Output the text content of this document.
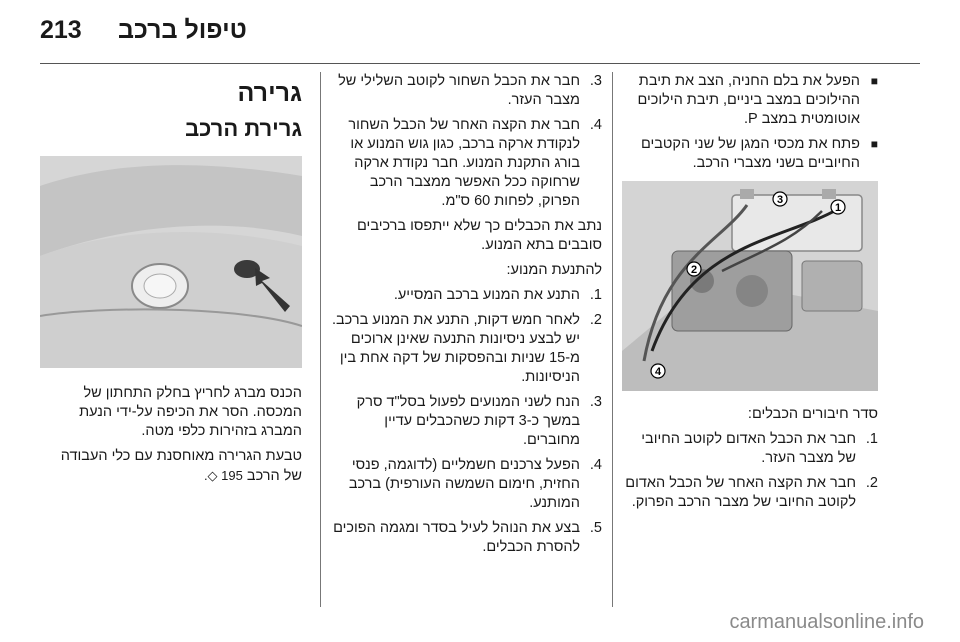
213 טיפול ברכב
■
הפעל את בלם החניה, הצב את תיבת ההילוכים במצב ביניים, תיבת הילוכים אוטומטית במצב P.
■
פתח את מכסי המגן של שני הקטבים החיוביים בשני מצברי הרכב.
1
2
3
4
סדר חיבורים הכבלים:
1.
חבר את הכבל האדום לקוטב החיובי של מצבר העזר.
2.
חבר את הקצה האחר של הכבל האדום לקוטב החיובי של מצבר הרכב הפרוק.
3.
חבר את הכבל השחור לקוטב השלילי של מצבר העזר.
4.
חבר את הקצה האחר של הכבל השחור לנקודת ארקה ברכב, כגון גוש המנוע או בורג התקנת המנוע. חבר נקודת ארקה שרחוקה ככל האפשר ממצבר הרכב הפרוק, לפחות 60 ס"מ.

נתב את הכבלים כך שלא ייתפסו ברכיבים סובבים בתא המנוע.

להתנעת המנוע:
1.
התנע את המנוע ברכב המסייע.
2.
לאחר חמש דקות, התנע את המנוע ברכב. יש לבצע ניסיונות התנעה שאינן ארוכים מ-15 שניות ובהפסקות של דקה אחת בין הניסיונות.
3.
הנח לשני המנועים לפעול בסל"ד סרק במשך כ-3 דקות כשהכבלים עדיין מחוברים.
4.
הפעל צרכנים חשמליים (לדוגמה, פנסי החזית, חימום השמשה העורפית) ברכב המותנע.
5.
בצע את הנוהל לעיל בסדר ומגמה הפוכים להסרת הכבלים.
גרירה
גרירת הרכב

הכנס מברג לחריץ בחלק התחתון של המכסה. הסר את הכיפה על-ידי הנעת המברג בזהירות כלפי מטה.

טבעת הגרירה מאוחסנת עם כלי העבודה של הרכב 195 ◇.

carmanualsonline.info
